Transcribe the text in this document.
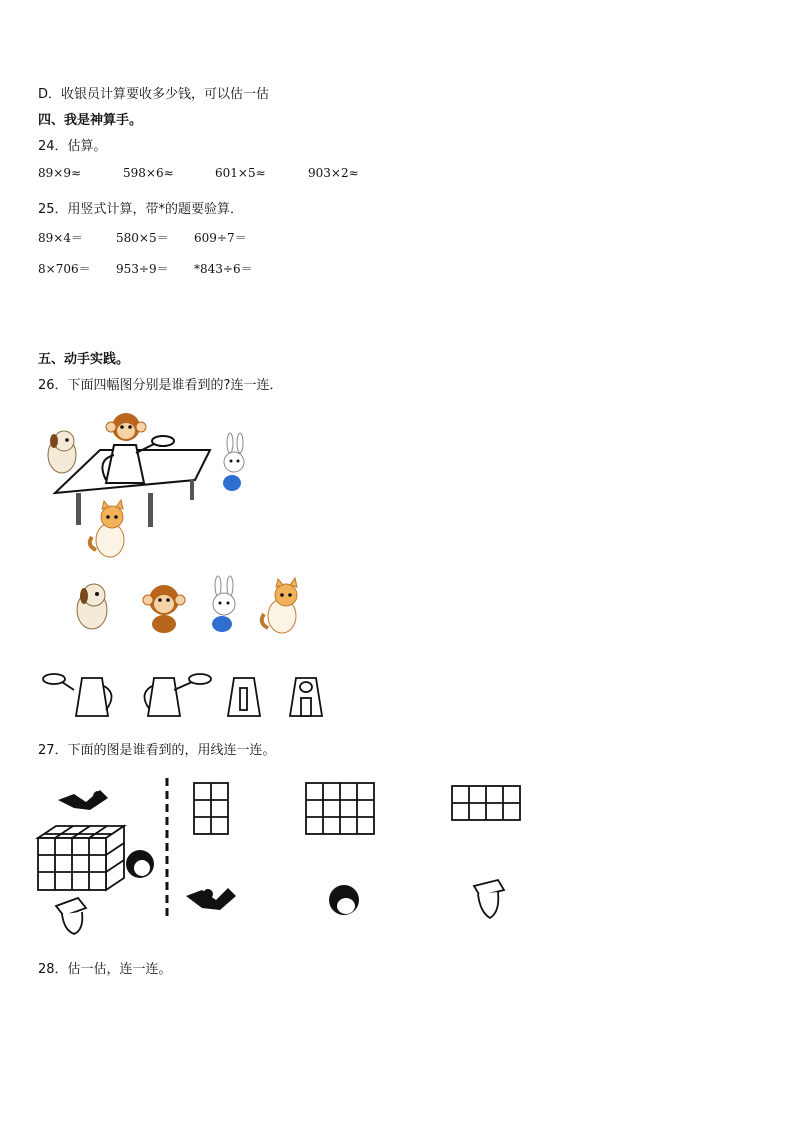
D．收银员计算要收多少钱，可以估一估
四、我是神算手。
24．估算。
89×9≈	598×6≈	601×5≈	903×2≈
25．用竖式计算，带*的题要验算．
89×4＝	580×5＝ 609÷7＝
8×706＝ 953÷9＝ *843÷6＝
五、动手实践。
26．下面四幅图分别是谁看到的?连一连．
27．下面的图是谁看到的，用线连一连。
28．估一估，连一连。
